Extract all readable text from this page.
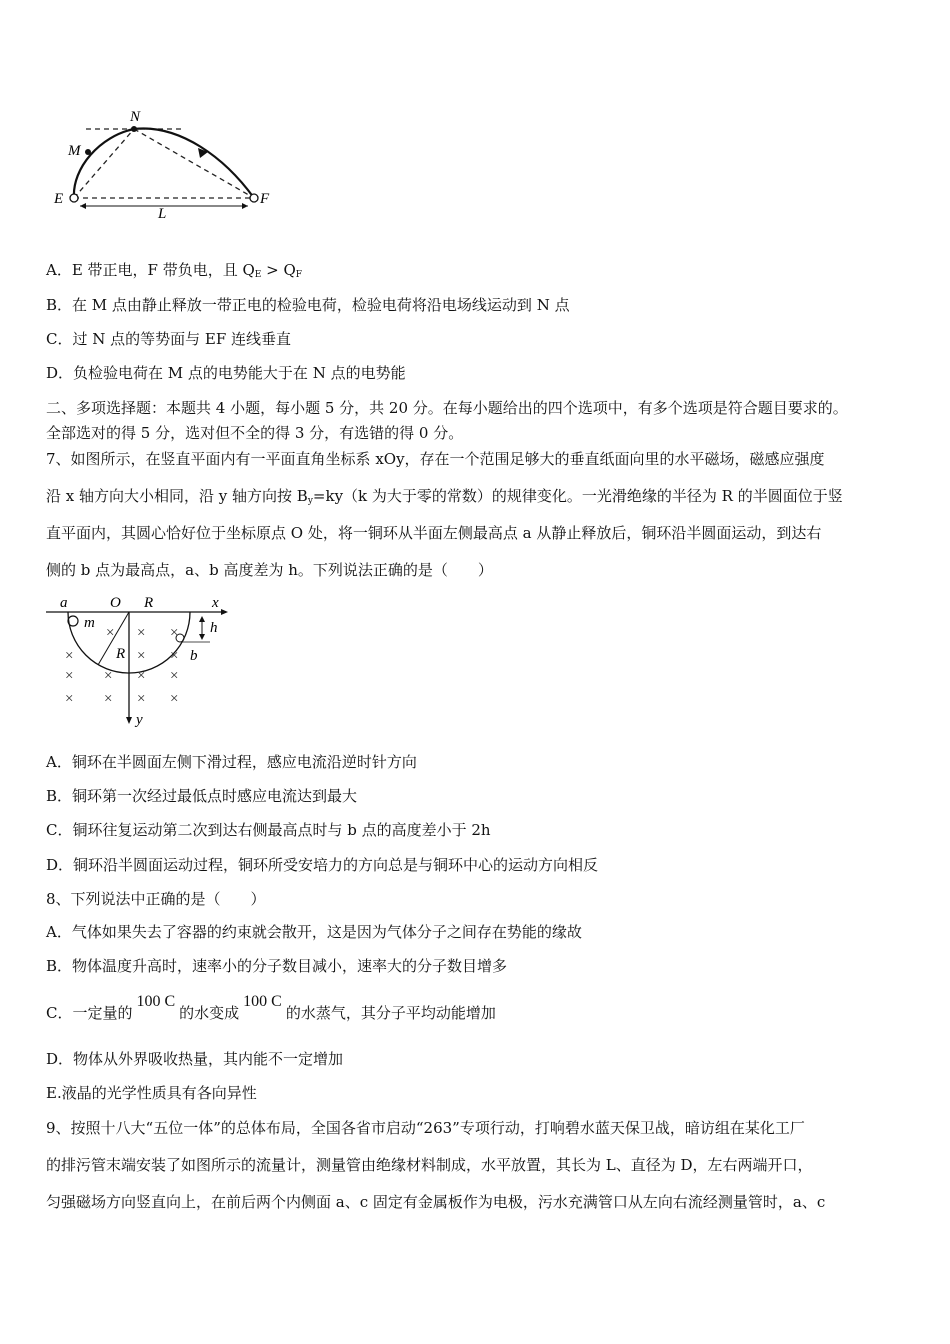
N
M
E	F
L
A．E 带正电，F 带负电，且 $Q_E > Q_F$
B．在 M 点由静止释放一带正电的检验电荷，检验电荷将沿电场线运动到 N 点
C．过 N 点的等势面与 EF 连线垂直
D．负检验电荷在 M 点的电势能大于在 N 点的电势能
二、多项选择题：本题共 4 小题，每小题 5 分，共 20 分。在每小题给出的四个选项中，有多个选项是符合题目要求的。
全部选对的得 5 分，选对但不全的得 3 分，有选错的得 0 分。
7、如图所示，在竖直平面内有一平面直角坐标系 xOy，存在一个范围足够大的垂直纸面向里的水平磁场，磁感应强度
沿 x 轴方向大小相同，沿 y 轴方向按 $B_y=ky(k$ 为大于零的常数）的规律变化。一光滑绝缘的半径为 R 的半圆面位于竖
直平面内，其圆心恰好位于坐标原点 O 处，将一铜环从半面左侧最高点 a 从静止释放后，铜环沿半圆面运动，到达右
侧的 b 点为最高点，a、b 高度差为 h。下列说法正确的是（　　）
× × ×
×	× ×
× × × ×
× × × ×
a	O R	x
m	h
b
R
y
A．铜环在半圆面左侧下滑过程，感应电流沿逆时针方向
B．铜环第一次经过最低点时感应电流达到最大
C．铜环往复运动第二次到达右侧最高点时与 b 点的高度差小于 2h
D．铜环沿半圆面运动过程，铜环所受安培力的方向总是与铜环中心的运动方向相反
8、下列说法中正确的是（　　）
A．气体如果失去了容器的约束就会散开，这是因为气体分子之间存在势能的缘故
B．物体温度升高时，速率小的分子数目减小，速率大的分子数目增多
C．一定量的100 C的水变成100 C的水蒸气，其分子平均动能增加
D．物体从外界吸收热量，其内能不一定增加
E.液晶的光学性质具有各向异性
9、按照十八大“五位一体”的总体布局，全国各省市启动“263”专项行动，打响碧水蓝天保卫战，暗访组在某化工厂
的排污管末端安装了如图所示的流量计，测量管由绝缘材料制成，水平放置，其长为 L、直径为 D，左右两端开口，
匀强磁场方向竖直向上，在前后两个内侧面 a、c 固定有金属板作为电极，污水充满管口从左向右流经测量管时，a、c
